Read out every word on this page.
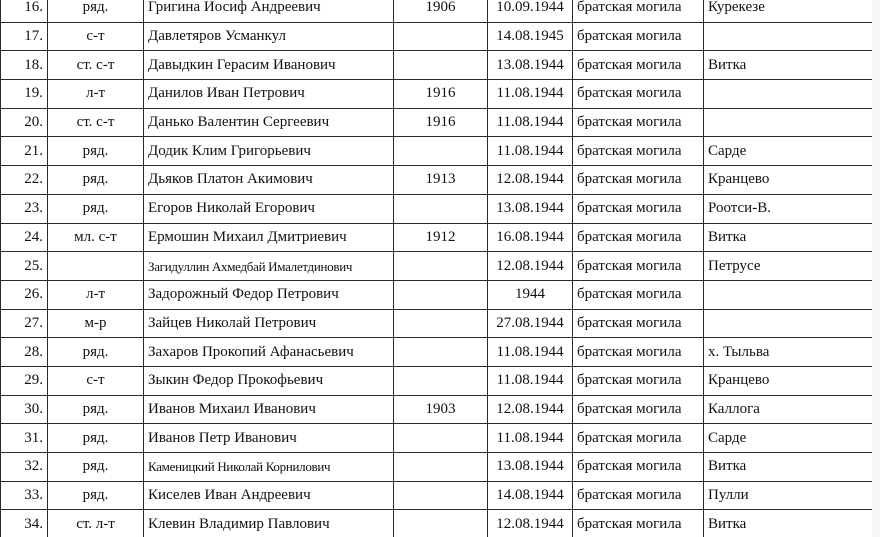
16.	ряд.	Григина Иосиф Андреевич	1906	10.09.1944	братская могила	Курекезе
17.	с-т	Давлетяров Усманкул		14.08.1945	братская могила	
18.	ст. с-т	Давыдкин Герасим Иванович		13.08.1944	братская могила	Витка
19.	л-т	Данилов Иван Петрович	1916	11.08.1944	братская могила	
20.	ст. с-т	Данько Валентин Сергеевич	1916	11.08.1944	братская могила	
21.	ряд.	Додик Клим Григорьевич		11.08.1944	братская могила	Сарде
22.	ряд.	Дьяков Платон Акимович	1913	12.08.1944	братская могила	Кранцево
23.	ряд.	Егоров Николай Егорович		13.08.1944	братская могила	Роотси-В.
24.	мл. с-т	Ермошин Михаил Дмитриевич	1912	16.08.1944	братская могила	Витка
25.		Загидуллин Ахмедбай Ималетдинович		12.08.1944	братская могила	Петрусе
26.	л-т	Задорожный Федор Петрович		1944	братская могила	
27.	м-р	Зайцев Николай Петрович		27.08.1944	братская могила	
28.	ряд.	Захаров Прокопий Афанасьевич		11.08.1944	братская могила	х. Тыльва
29.	с-т	Зыкин Федор Прокофьевич		11.08.1944	братская могила	Кранцево
30.	ряд.	Иванов Михаил Иванович	1903	12.08.1944	братская могила	Каллога
31.	ряд.	Иванов Петр Иванович		11.08.1944	братская могила	Сарде
32.	ряд.	Каменицкий Николай Корнилович		13.08.1944	братская могила	Витка
33.	ряд.	Киселев Иван Андреевич		14.08.1944	братская могила	Пулли
34.	ст. л-т	Клевин Владимир Павлович		12.08.1944	братская могила	Витка
